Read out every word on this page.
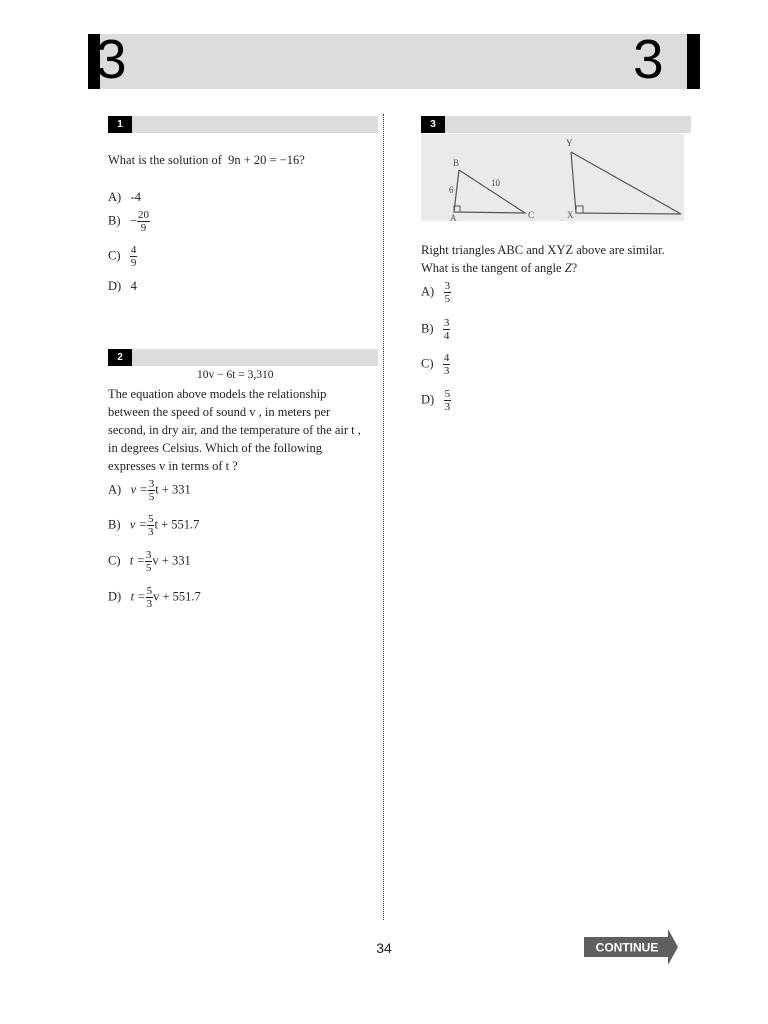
3	3
1
What is the solution of 9n + 20 = −16?
A) -4
$B) - \frac{20}{9}$
$C) \frac{4}{9}$
D) 4
2
10v − 6t = 3,310
The equation above models the relationship
between the speed of sound v , in meters per
second, in dry air, and the temperature of the air t ,
in degrees Celsius. Which of the following
expresses v in terms of t ?
A) $v = \frac{3}{5}$ t + 331
B) $v = \frac{5}{3}$ t + 551.7
C) $t = \frac{3}{5}$ v + 331
D) $t = \frac{5}{3}$ v + 551.7
3
B
A	C
6
10
Y
X
Right triangles ABC and XYZ above are similar.
What is the tangent of angle Z?
$A) \frac{3}{5}$
$B) \frac{3}{4}$
$C) \frac{4}{3}$
$D) \frac{5}{3}$
34	CONTINUE
